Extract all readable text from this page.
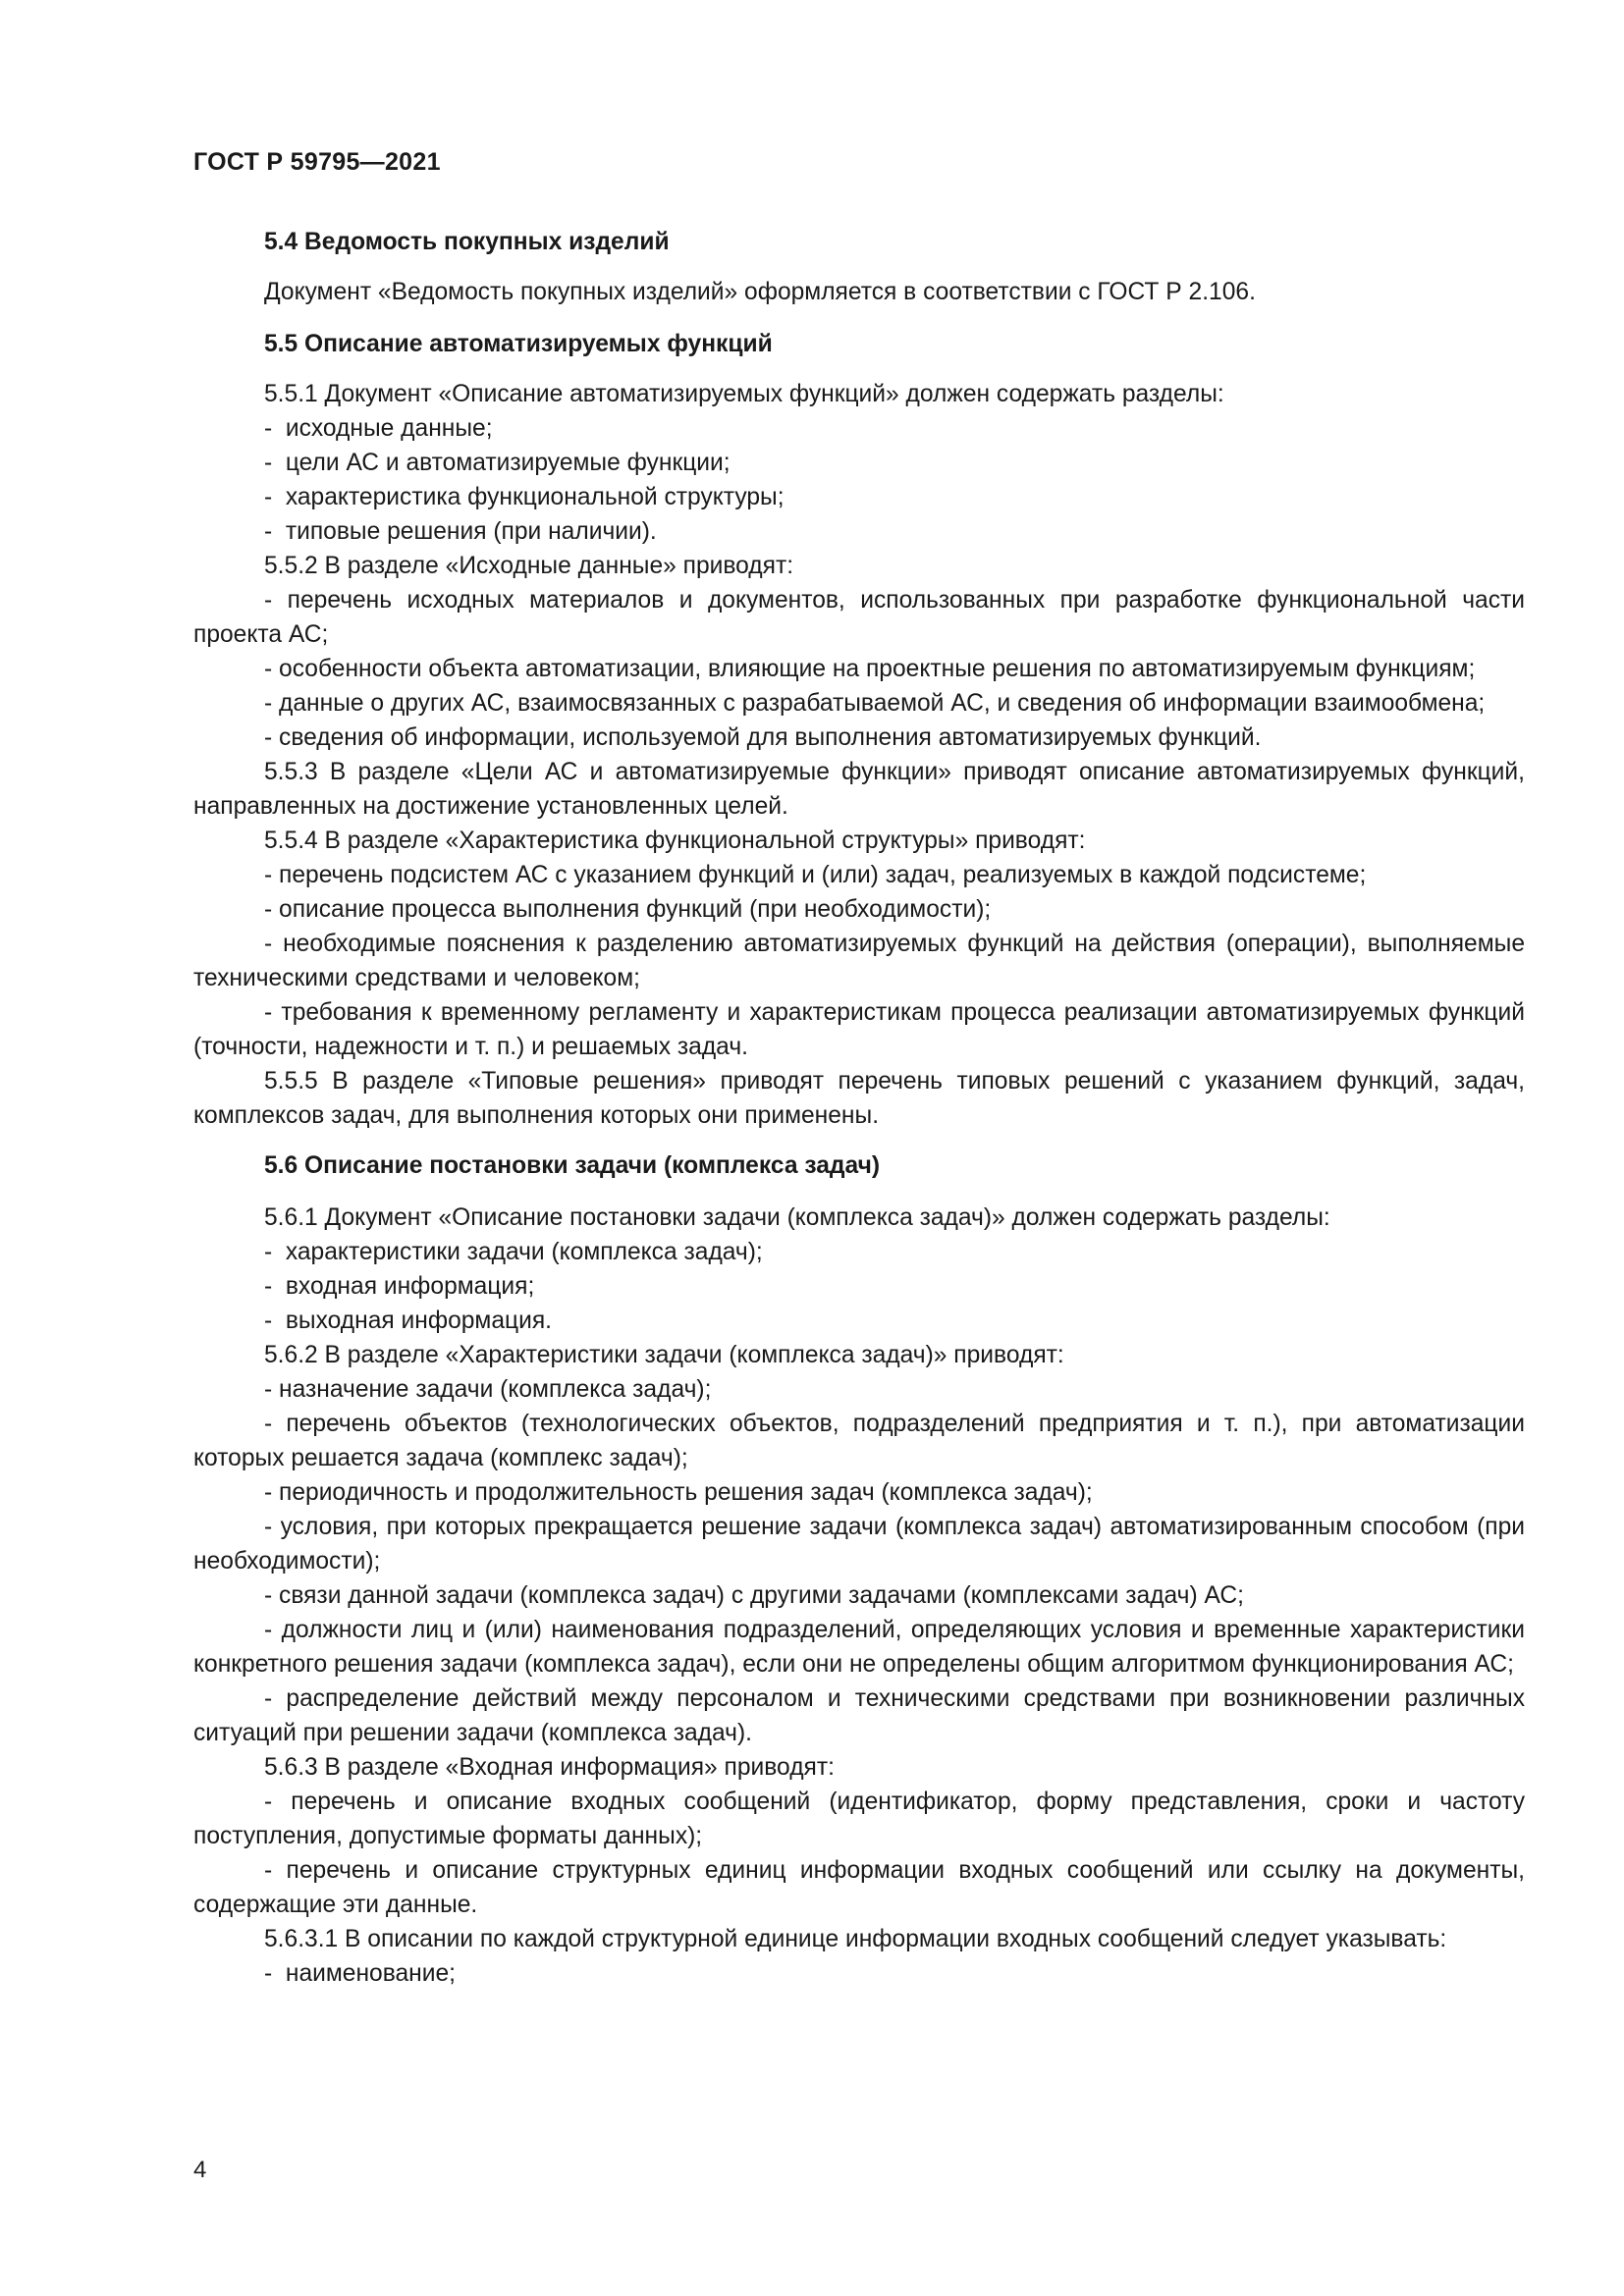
ГОСТ Р 59795—2021
5.4 Ведомость покупных изделий
Документ «Ведомость покупных изделий» оформляется в соответствии с ГОСТ Р 2.106.
5.5 Описание автоматизируемых функций
5.5.1 Документ «Описание автоматизируемых функций» должен содержать разделы:
-  исходные данные;
-  цели АС и автоматизируемые функции;
-  характеристика функциональной структуры;
-  типовые решения (при наличии).
5.5.2 В разделе «Исходные данные» приводят:
- перечень исходных материалов и документов, использованных при разработке функциональной части проекта АС;
- особенности объекта автоматизации, влияющие на проектные решения по автоматизируемым функциям;
- данные о других АС, взаимосвязанных с разрабатываемой АС, и сведения об информации взаимообмена;
- сведения об информации, используемой для выполнения автоматизируемых функций.
5.5.3 В разделе «Цели АС и автоматизируемые функции» приводят описание автоматизируемых функций, направленных на достижение установленных целей.
5.5.4 В разделе «Характеристика функциональной структуры» приводят:
- перечень подсистем АС с указанием функций и (или) задач, реализуемых в каждой подсистеме;
- описание процесса выполнения функций (при необходимости);
- необходимые пояснения к разделению автоматизируемых функций на действия (операции), выполняемые техническими средствами и человеком;
- требования к временному регламенту и характеристикам процесса реализации автоматизируемых функций (точности, надежности и т. п.) и решаемых задач.
5.5.5 В разделе «Типовые решения» приводят перечень типовых решений с указанием функций, задач, комплексов задач, для выполнения которых они применены.
5.6 Описание постановки задачи (комплекса задач)
5.6.1 Документ «Описание постановки задачи (комплекса задач)» должен содержать разделы:
-  характеристики задачи (комплекса задач);
-  входная информация;
-  выходная информация.
5.6.2 В разделе «Характеристики задачи (комплекса задач)» приводят:
- назначение задачи (комплекса задач);
- перечень объектов (технологических объектов, подразделений предприятия и т. п.), при автоматизации которых решается задача (комплекс задач);
- периодичность и продолжительность решения задач (комплекса задач);
- условия, при которых прекращается решение задачи (комплекса задач) автоматизированным способом (при необходимости);
- связи данной задачи (комплекса задач) с другими задачами (комплексами задач) АС;
- должности лиц и (или) наименования подразделений, определяющих условия и временные характеристики конкретного решения задачи (комплекса задач), если они не определены общим алгоритмом функционирования АС;
- распределение действий между персоналом и техническими средствами при возникновении различных ситуаций при решении задачи (комплекса задач).
5.6.3 В разделе «Входная информация» приводят:
- перечень и описание входных сообщений (идентификатор, форму представления, сроки и частоту поступления, допустимые форматы данных);
- перечень и описание структурных единиц информации входных сообщений или ссылку на документы, содержащие эти данные.
5.6.3.1 В описании по каждой структурной единице информации входных сообщений следует указывать:
-  наименование;
4
